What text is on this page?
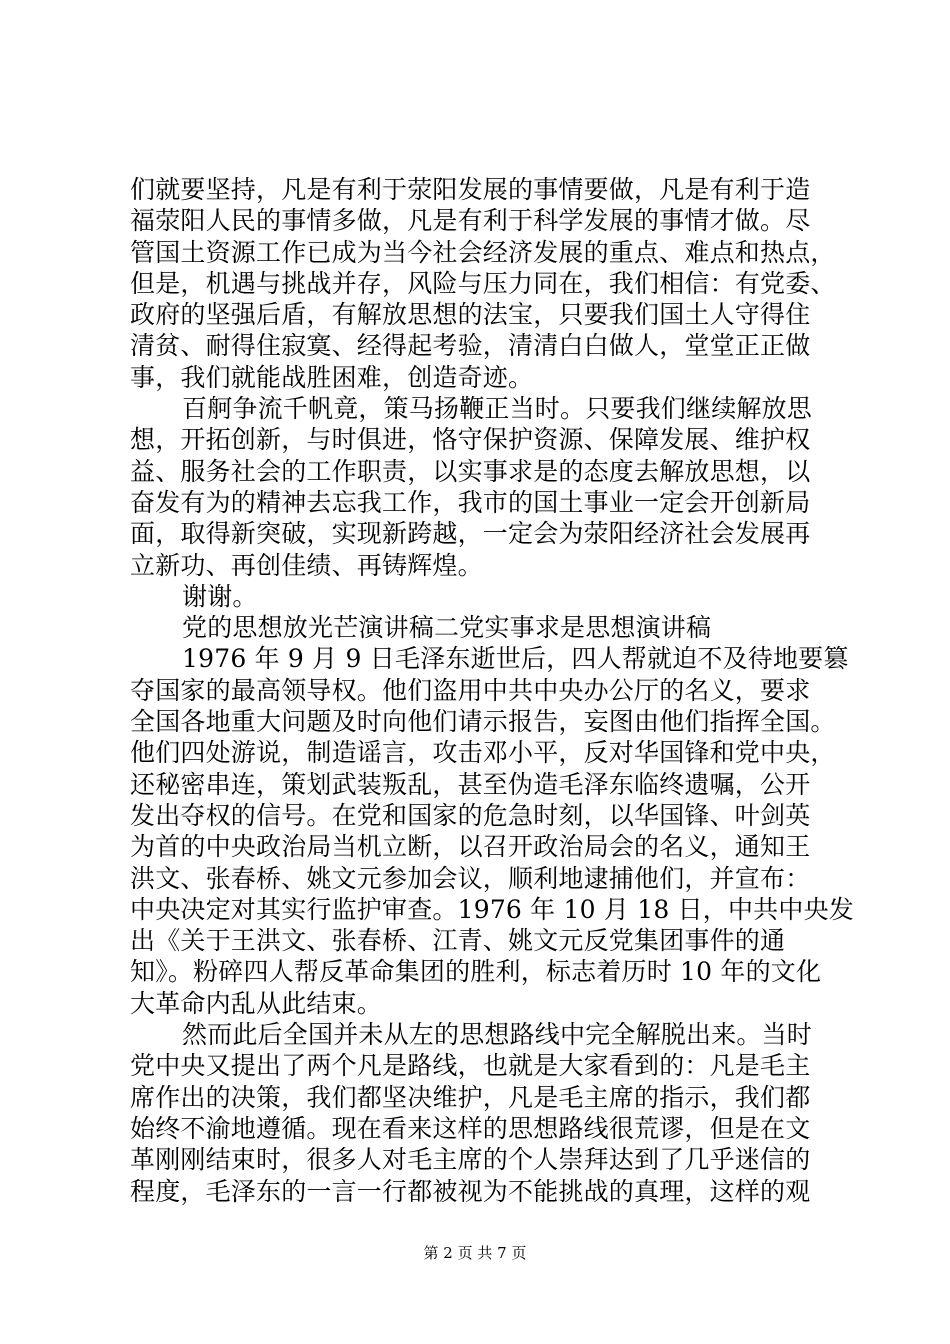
们就要坚持，凡是有利于荥阳发展的事情要做，凡是有利于造
福荥阳人民的事情多做，凡是有利于科学发展的事情才做。尽
管国土资源工作已成为当今社会经济发展的重点、难点和热点，
但是，机遇与挑战并存，风险与压力同在，我们相信：有党委、
政府的坚强后盾，有解放思想的法宝，只要我们国土人守得住
清贫、耐得住寂寞、经得起考验，清清白白做人，堂堂正正做
事，我们就能战胜困难，创造奇迹。
百舸争流千帆竟，策马扬鞭正当时。只要我们继续解放思
想，开拓创新，与时俱进，恪守保护资源、保障发展、维护权
益、服务社会的工作职责，以实事求是的态度去解放思想，以
奋发有为的精神去忘我工作，我市的国土事业一定会开创新局
面，取得新突破，实现新跨越，一定会为荥阳经济社会发展再
立新功、再创佳绩、再铸辉煌。
谢谢。
党的思想放光芒演讲稿二党实事求是思想演讲稿
1976 年 9 月 9 日毛泽东逝世后，四人帮就迫不及待地要篡
夺国家的最高领导权。他们盗用中共中央办公厅的名义，要求
全国各地重大问题及时向他们请示报告，妄图由他们指挥全国。
他们四处游说，制造谣言，攻击邓小平，反对华国锋和党中央，
还秘密串连，策划武装叛乱，甚至伪造毛泽东临终遗嘱，公开
发出夺权的信号。在党和国家的危急时刻，以华国锋、叶剑英
为首的中央政治局当机立断，以召开政治局会的名义，通知王
洪文、张春桥、姚文元参加会议，顺利地逮捕他们，并宣布：
中央决定对其实行监护审查。1976 年 10 月 18 日，中共中央发
出《关于王洪文、张春桥、江青、姚文元反党集团事件的通
知》。粉碎四人帮反革命集团的胜利，标志着历时 10 年的文化
大革命内乱从此结束。
然而此后全国并未从左的思想路线中完全解脱出来。当时
党中央又提出了两个凡是路线，也就是大家看到的：凡是毛主
席作出的决策，我们都坚决维护，凡是毛主席的指示，我们都
始终不渝地遵循。现在看来这样的思想路线很荒谬，但是在文
革刚刚结束时，很多人对毛主席的个人崇拜达到了几乎迷信的
程度，毛泽东的一言一行都被视为不能挑战的真理，这样的观
第 2 页 共 7 页
